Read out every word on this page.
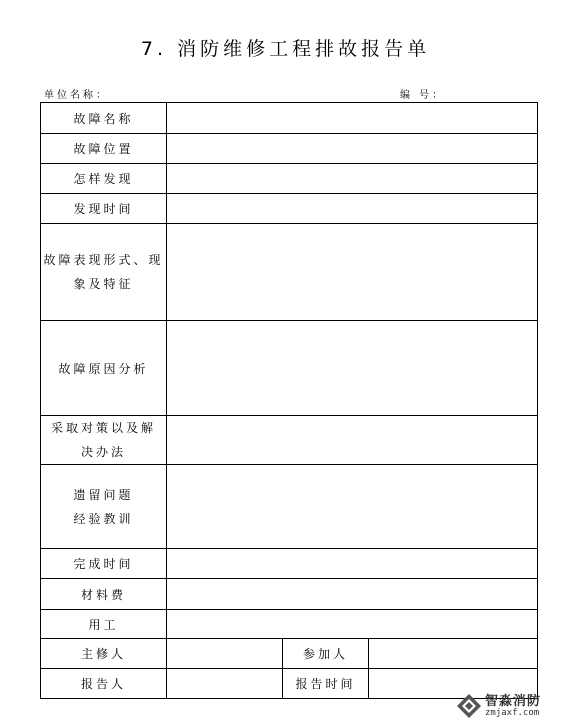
7. 消防维修工程排故报告单
单位名称：	编 号：
故障名称			
故障位置			
怎样发现			
发现时间			

故障表现形式、现
象及特征			

故障原因分析			

采取对策以及解
决办法			

遗留问题
经验教训			

完成时间			
材料费			
用工			
主修人		参加人	
报告人		报告时间	
智淼消防
zmjaxf.com
